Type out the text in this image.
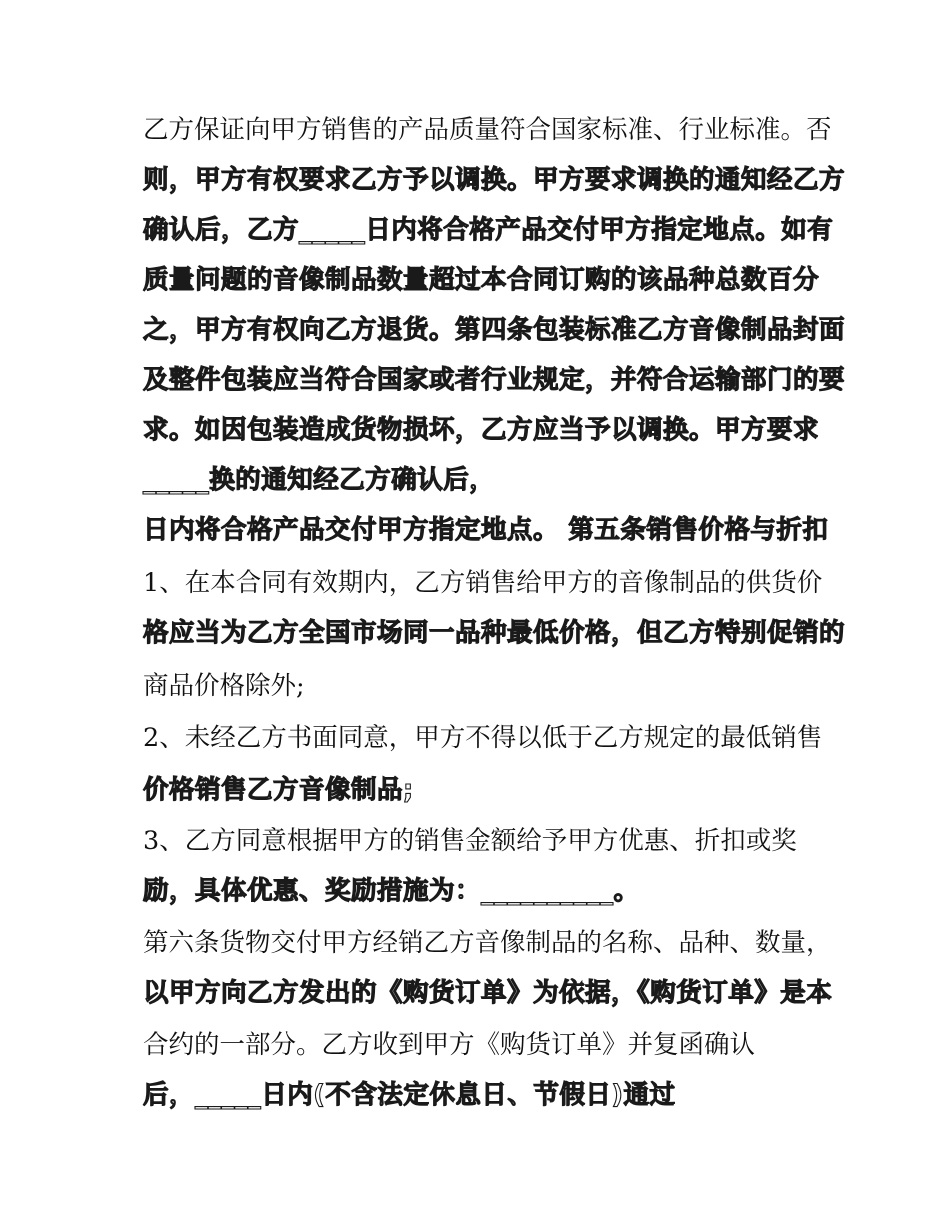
乙方保证向甲方销售的产品质量符合国家标准、行业标准。否
则，甲方有权要求乙方予以调换。甲方要求调换的通知经乙方
确认后，乙方_____日内将合格产品交付甲方指定地点。如有
质量问题的音像制品数量超过本合同订购的该品种总数百分
之，甲方有权向乙方退货。第四条包装标准乙方音像制品封面
及整件包装应当符合国家或者行业规定，并符合运输部门的要
求。如因包装造成货物损坏，乙方应当予以调换。甲方要求
_____换的通知经乙方确认后，
日内将合格产品交付甲方指定地点。 第五条销售价格与折扣
1、在本合同有效期内，乙方销售给甲方的音像制品的供货价
格应当为乙方全国市场同一品种最低价格，但乙方特别促销的
商品价格除外;
2、未经乙方书面同意，甲方不得以低于乙方规定的最低销售
价格销售乙方音像制品;
3、乙方同意根据甲方的销售金额给予甲方优惠、折扣或奖
励，具体优惠、奖励措施为：__________。
第六条货物交付甲方经销乙方音像制品的名称、品种、数量，
以甲方向乙方发出的《购货订单》为依据，《购货订单》是本
合约的一部分。乙方收到甲方《购货订单》并复函确认
后，_____日内(不含法定休息日、节假日)通过
